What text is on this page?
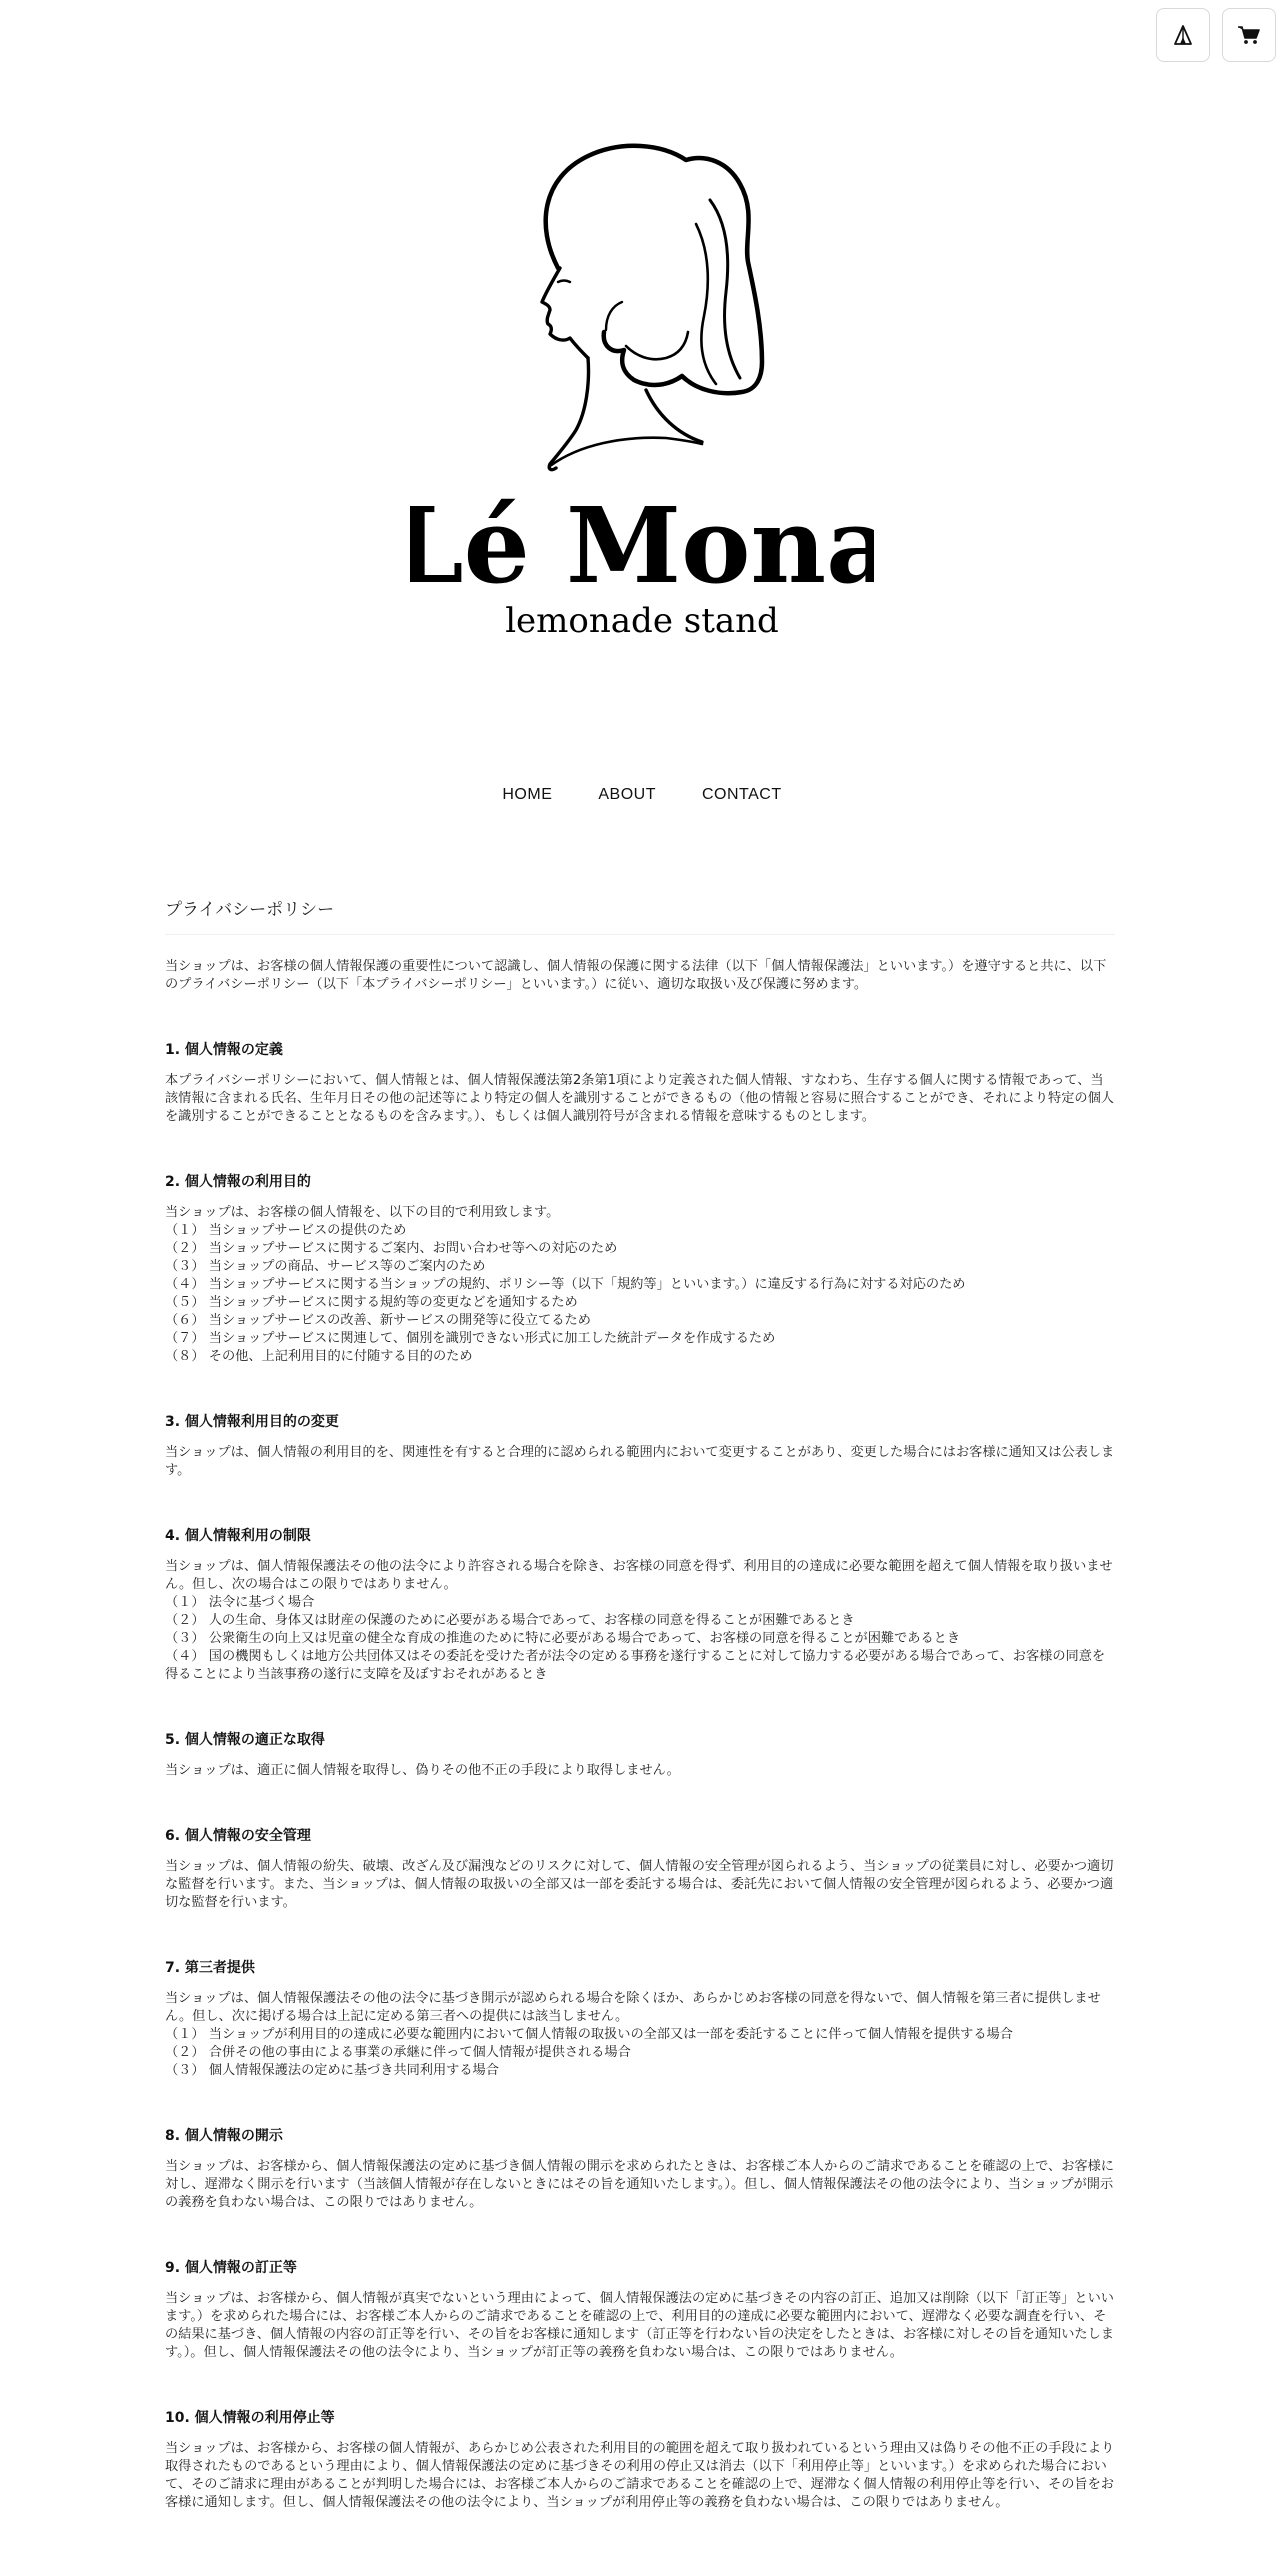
Lé Mona
lemonade stand
HOME	ABOUT	CONTACT
プライバシーポリシー

当ショップは、お客様の個人情報保護の重要性について認識し、個人情報の保護に関する法律（以下「個人情報保護法」といいます。）を遵守すると共に、以下のプライバシーポリシー（以下「本プライバシーポリシー」といいます。）に従い、適切な取扱い及び保護に努めます。

1. 個人情報の定義

本プライバシーポリシーにおいて、個人情報とは、個人情報保護法第2条第1項により定義された個人情報、すなわち、生存する個人に関する情報であって、当該情報に含まれる氏名、生年月日その他の記述等により特定の個人を識別することができるもの（他の情報と容易に照合することができ、それにより特定の個人を識別することができることとなるものを含みます。）、もしくは個人識別符号が含まれる情報を意味するものとします。

2. 個人情報の利用目的

当ショップは、お客様の個人情報を、以下の目的で利用致します。

（１） 当ショップサービスの提供のため
（２） 当ショップサービスに関するご案内、お問い合わせ等への対応のため
（３） 当ショップの商品、サービス等のご案内のため
（４） 当ショップサービスに関する当ショップの規約、ポリシー等（以下「規約等」といいます。）に違反する行為に対する対応のため
（５） 当ショップサービスに関する規約等の変更などを通知するため
（６） 当ショップサービスの改善、新サービスの開発等に役立てるため
（７） 当ショップサービスに関連して、個別を識別できない形式に加工した統計データを作成するため
（８） その他、上記利用目的に付随する目的のため
3. 個人情報利用目的の変更

当ショップは、個人情報の利用目的を、関連性を有すると合理的に認められる範囲内において変更することがあり、変更した場合にはお客様に通知又は公表します。

4. 個人情報利用の制限

当ショップは、個人情報保護法その他の法令により許容される場合を除き、お客様の同意を得ず、利用目的の達成に必要な範囲を超えて個人情報を取り扱いません。但し、次の場合はこの限りではありません。

（１） 法令に基づく場合
（２） 人の生命、身体又は財産の保護のために必要がある場合であって、お客様の同意を得ることが困難であるとき
（３） 公衆衛生の向上又は児童の健全な育成の推進のために特に必要がある場合であって、お客様の同意を得ることが困難であるとき
（４） 国の機関もしくは地方公共団体又はその委託を受けた者が法令の定める事務を遂行することに対して協力する必要がある場合であって、お客様の同意を得ることにより当該事務の遂行に支障を及ぼすおそれがあるとき
5. 個人情報の適正な取得

当ショップは、適正に個人情報を取得し、偽りその他不正の手段により取得しません。

6. 個人情報の安全管理

当ショップは、個人情報の紛失、破壊、改ざん及び漏洩などのリスクに対して、個人情報の安全管理が図られるよう、当ショップの従業員に対し、必要かつ適切な監督を行います。また、当ショップは、個人情報の取扱いの全部又は一部を委託する場合は、委託先において個人情報の安全管理が図られるよう、必要かつ適切な監督を行います。

7. 第三者提供

当ショップは、個人情報保護法その他の法令に基づき開示が認められる場合を除くほか、あらかじめお客様の同意を得ないで、個人情報を第三者に提供しません。但し、次に掲げる場合は上記に定める第三者への提供には該当しません。

（１） 当ショップが利用目的の達成に必要な範囲内において個人情報の取扱いの全部又は一部を委託することに伴って個人情報を提供する場合
（２） 合併その他の事由による事業の承継に伴って個人情報が提供される場合
（３） 個人情報保護法の定めに基づき共同利用する場合
8. 個人情報の開示

当ショップは、お客様から、個人情報保護法の定めに基づき個人情報の開示を求められたときは、お客様ご本人からのご請求であることを確認の上で、お客様に対し、遅滞なく開示を行います（当該個人情報が存在しないときにはその旨を通知いたします。）。但し、個人情報保護法その他の法令により、当ショップが開示の義務を負わない場合は、この限りではありません。

9. 個人情報の訂正等

当ショップは、お客様から、個人情報が真実でないという理由によって、個人情報保護法の定めに基づきその内容の訂正、追加又は削除（以下「訂正等」といいます。）を求められた場合には、お客様ご本人からのご請求であることを確認の上で、利用目的の達成に必要な範囲内において、遅滞なく必要な調査を行い、その結果に基づき、個人情報の内容の訂正等を行い、その旨をお客様に通知します（訂正等を行わない旨の決定をしたときは、お客様に対しその旨を通知いたします。）。但し、個人情報保護法その他の法令により、当ショップが訂正等の義務を負わない場合は、この限りではありません。

10. 個人情報の利用停止等

当ショップは、お客様から、お客様の個人情報が、あらかじめ公表された利用目的の範囲を超えて取り扱われているという理由又は偽りその他不正の手段により取得されたものであるという理由により、個人情報保護法の定めに基づきその利用の停止又は消去（以下「利用停止等」といいます。）を求められた場合において、そのご請求に理由があることが判明した場合には、お客様ご本人からのご請求であることを確認の上で、遅滞なく個人情報の利用停止等を行い、その旨をお客様に通知します。但し、個人情報保護法その他の法令により、当ショップが利用停止等の義務を負わない場合は、この限りではありません。
